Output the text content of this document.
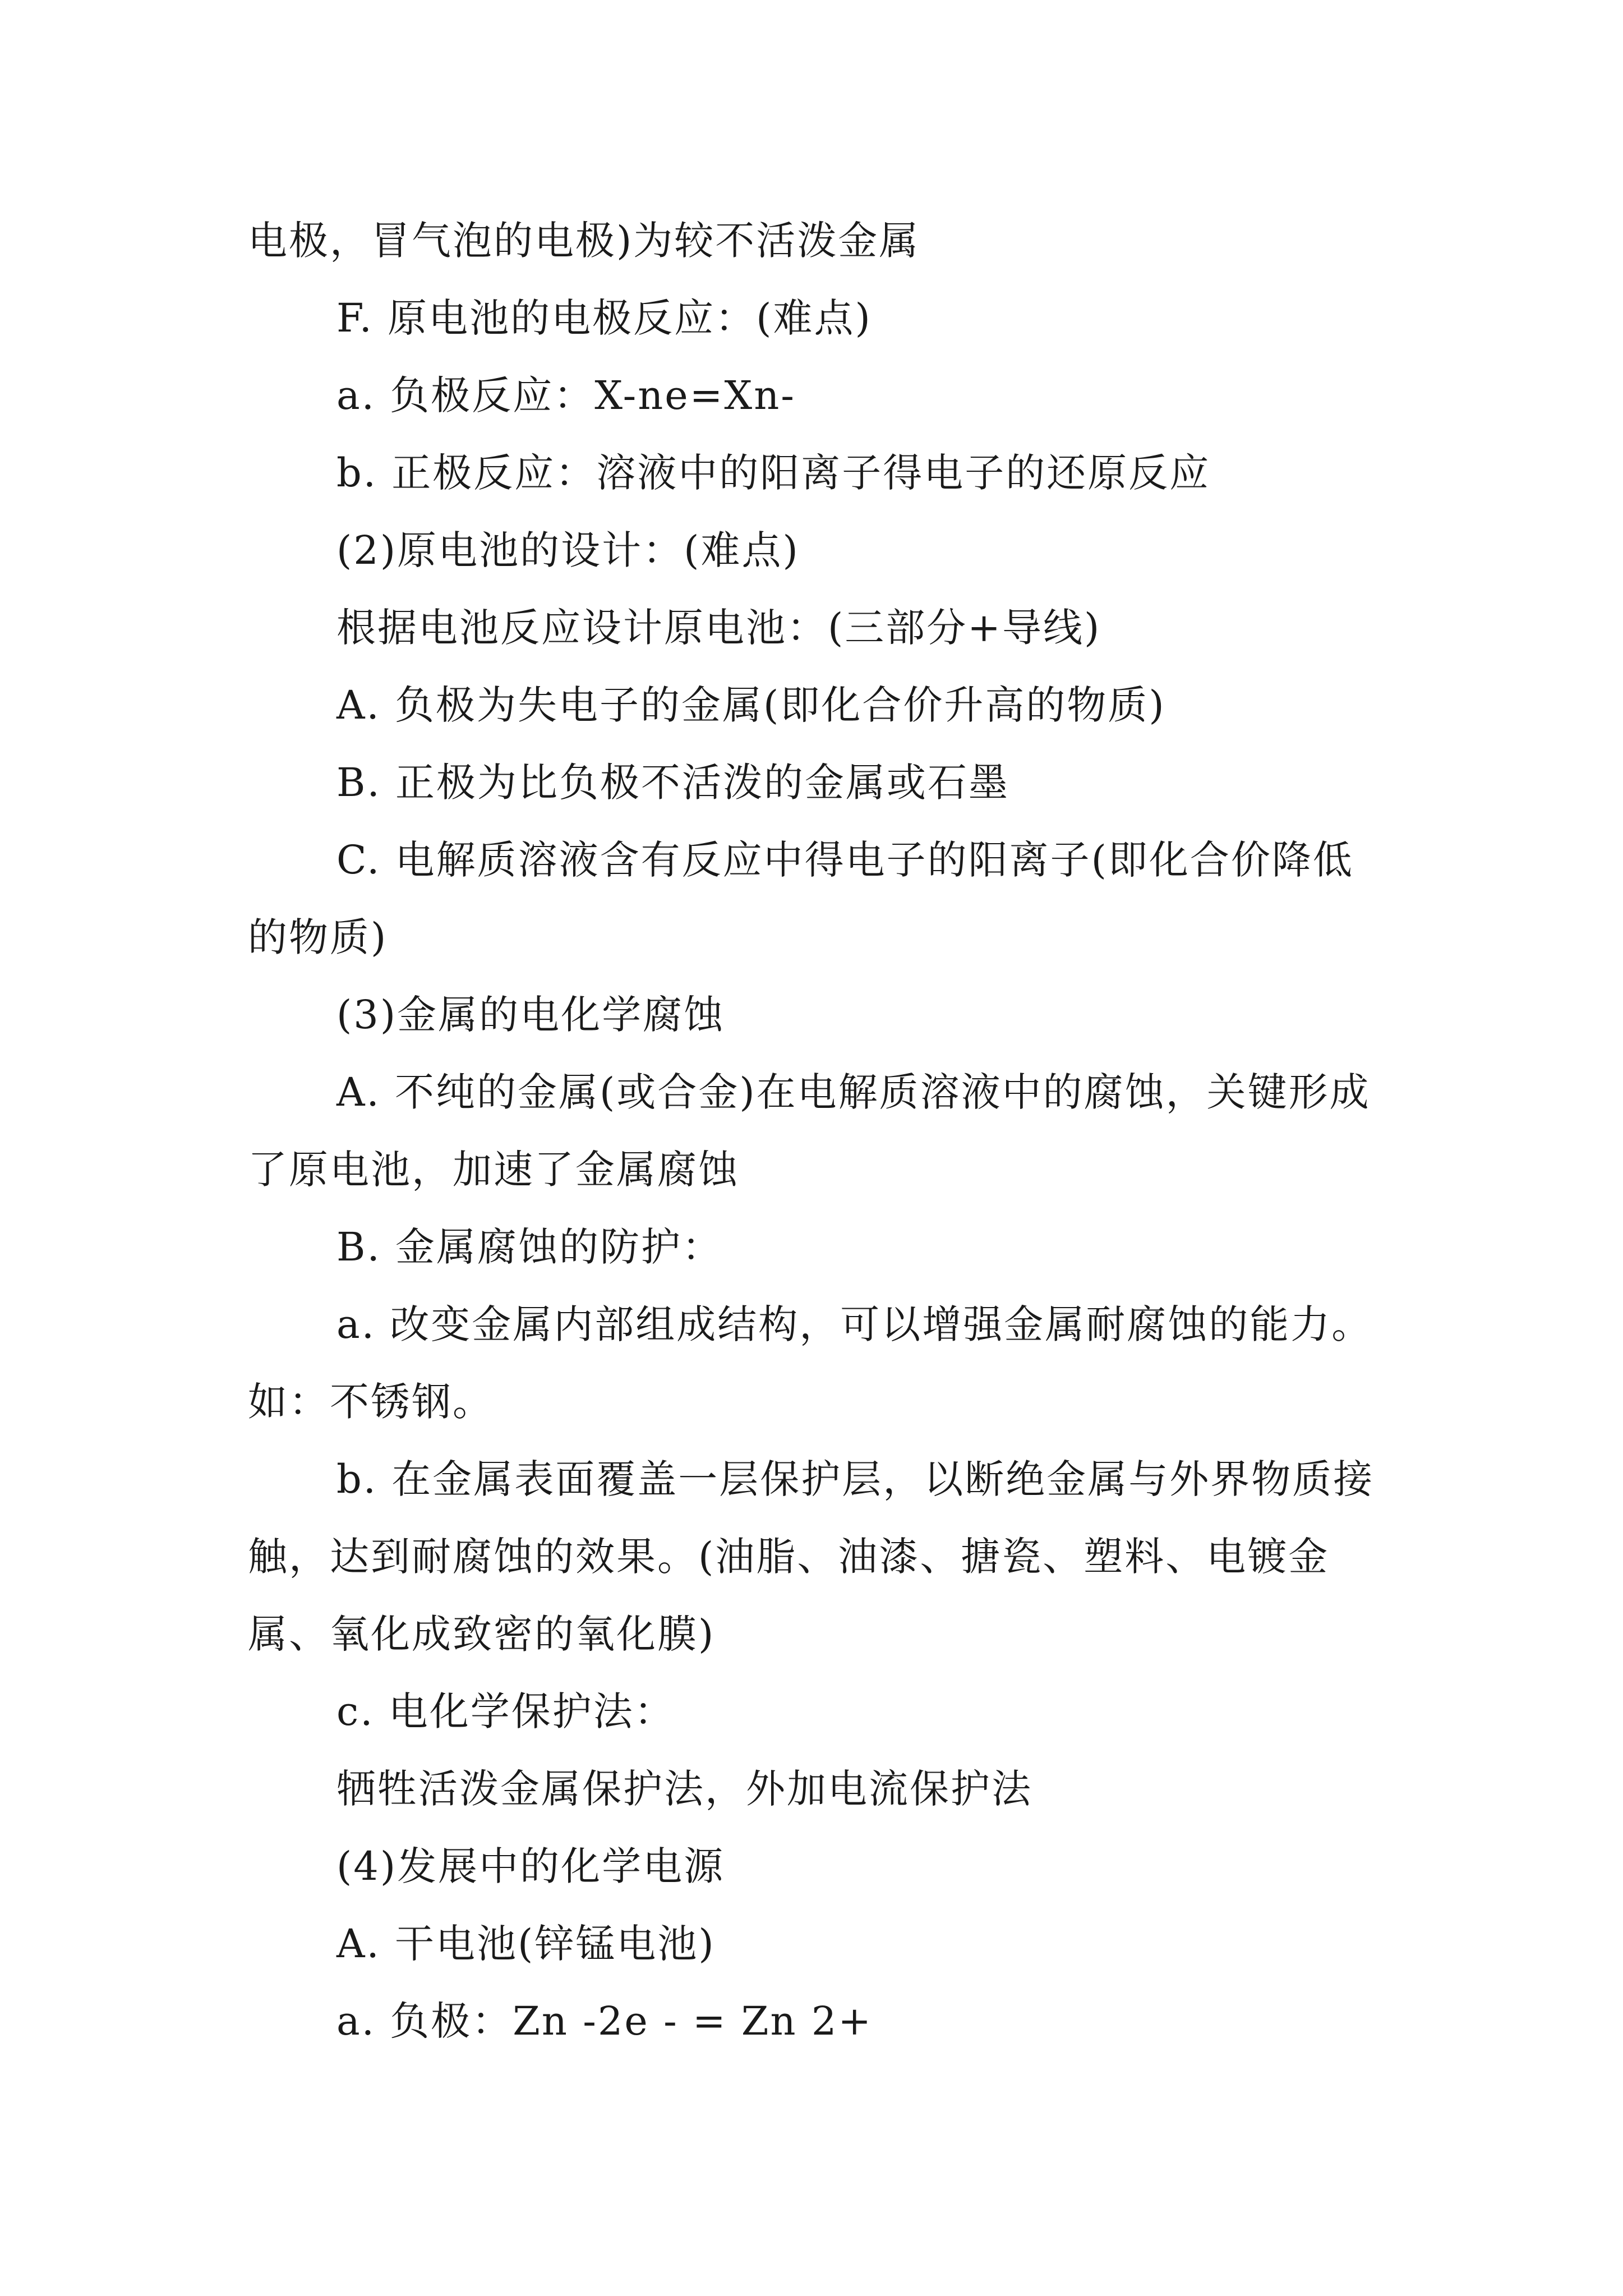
电极，冒气泡的电极)为较不活泼金属

F. 原电池的电极反应：(难点)

a. 负极反应：X-ne=Xn-

b. 正极反应：溶液中的阳离子得电子的还原反应

(2)原电池的设计：(难点)

根据电池反应设计原电池：(三部分+导线)

A. 负极为失电子的金属(即化合价升高的物质)

B. 正极为比负极不活泼的金属或石墨

C. 电解质溶液含有反应中得电子的阳离子(即化合价降低的物质)

(3)金属的电化学腐蚀

A. 不纯的金属(或合金)在电解质溶液中的腐蚀，关键形成了原电池，加速了金属腐蚀

B. 金属腐蚀的防护：

a. 改变金属内部组成结构，可以增强金属耐腐蚀的能力。如：不锈钢。

b. 在金属表面覆盖一层保护层，以断绝金属与外界物质接触，达到耐腐蚀的效果。(油脂、油漆、搪瓷、塑料、电镀金属、氧化成致密的氧化膜)

c. 电化学保护法：

牺牲活泼金属保护法，外加电流保护法

(4)发展中的化学电源

A. 干电池(锌锰电池)

a. 负极：Zn -2e - = Zn 2+
